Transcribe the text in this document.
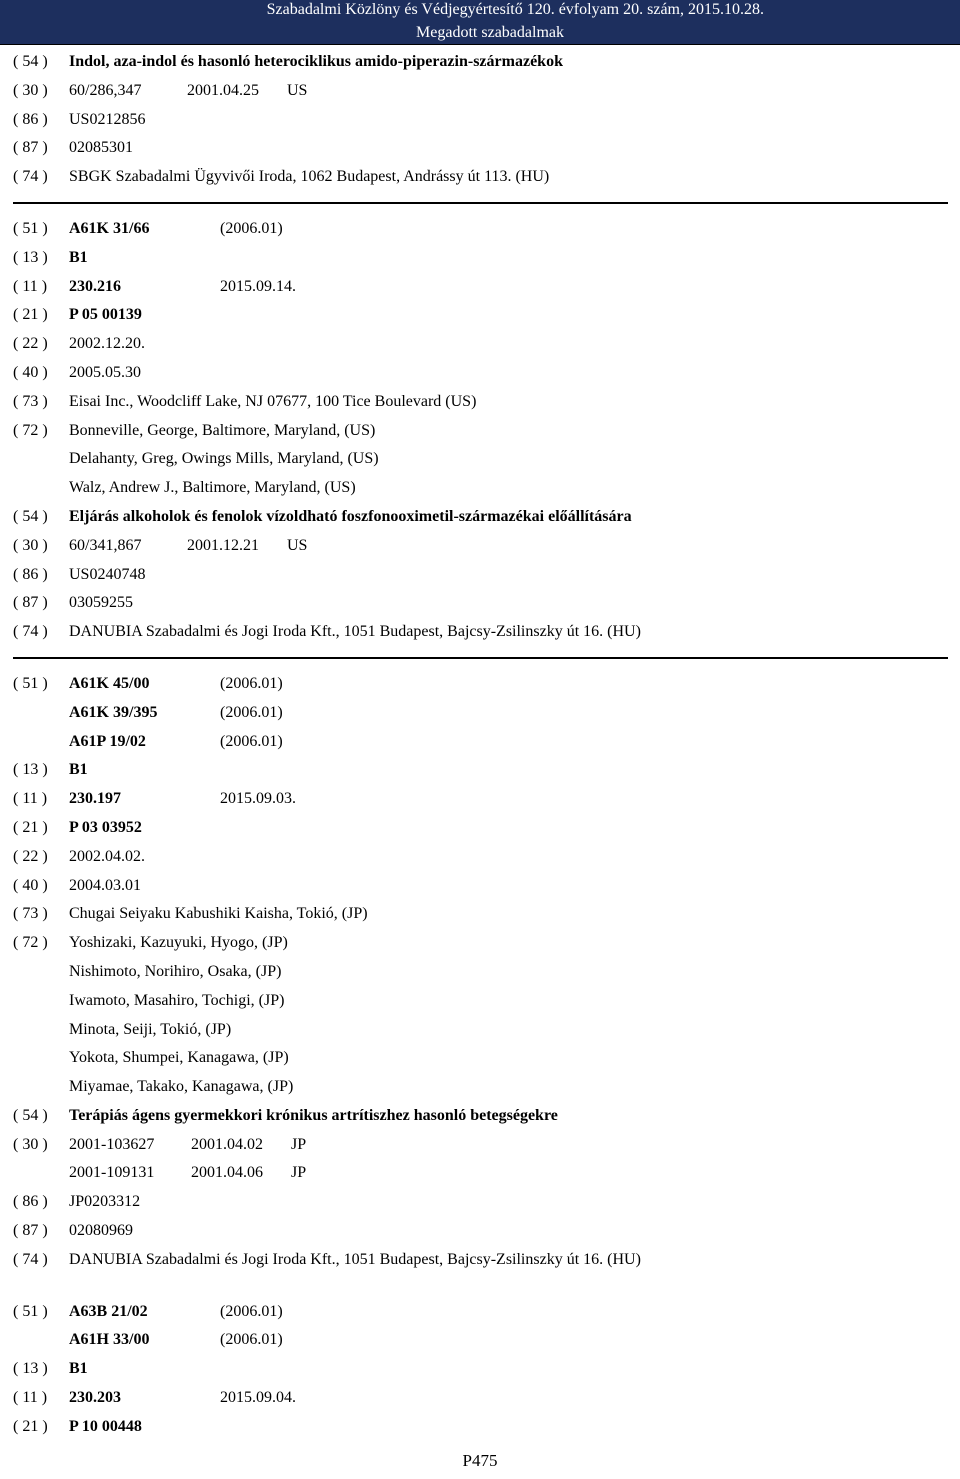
Szabadalmi Közlöny és Védjegyértesítő 120. évfolyam 20. szám, 2015.10.28.
Megadott szabadalmak
( 54 )	Indol, aza-indol és hasonló heterociklikus amido-piperazin-származékok
( 30 )	60/286,347	2001.04.25 US
( 86 )	US0212856
( 87 )	02085301
( 74 )	SBGK Szabadalmi Ügyvivői Iroda, 1062 Budapest, Andrássy út 113. (HU)
( 51 )	A61K 31/66	(2006.01)
( 13 )	B1
( 11 )	230.216	2015.09.14.
( 21 )	P 05 00139
( 22 )	2002.12.20.
( 40 )	2005.05.30
( 73 )	Eisai Inc., Woodcliff Lake, NJ 07677, 100 Tice Boulevard (US)
( 72 )	Bonneville, George, Baltimore, Maryland, (US)
Delahanty, Greg, Owings Mills, Maryland, (US)
Walz, Andrew J., Baltimore, Maryland, (US)
( 54 )	Eljárás alkoholok és fenolok vízoldható foszfonooximetil-származékai előállítására
( 30 )	60/341,867	2001.12.21 US
( 86 )	US0240748
( 87 )	03059255
( 74 )	DANUBIA Szabadalmi és Jogi Iroda Kft., 1051 Budapest, Bajcsy-Zsilinszky út 16. (HU)
( 51 )	A61K 45/00	(2006.01)
A61K 39/395	(2006.01)
A61P 19/02	(2006.01)
( 13 )	B1
( 11 )	230.197	2015.09.03.
( 21 )	P 03 03952
( 22 )	2002.04.02.
( 40 )	2004.03.01
( 73 )	Chugai Seiyaku Kabushiki Kaisha, Tokió, (JP)
( 72 )	Yoshizaki, Kazuyuki, Hyogo, (JP)
Nishimoto, Norihiro, Osaka, (JP)
Iwamoto, Masahiro, Tochigi, (JP)
Minota, Seiji, Tokió, (JP)
Yokota, Shumpei, Kanagawa, (JP)
Miyamae, Takako, Kanagawa, (JP)
( 54 )	Terápiás ágens gyermekkori krónikus artrítiszhez hasonló betegségekre
( 30 )	2001-103627 2001.04.02 JP
2001-109131 2001.04.06 JP
( 86 )	JP0203312
( 87 )	02080969
( 74 )	DANUBIA Szabadalmi és Jogi Iroda Kft., 1051 Budapest, Bajcsy-Zsilinszky út 16. (HU)
( 51 )	A63B 21/02	(2006.01)
A61H 33/00	(2006.01)
( 13 )	B1
( 11 )	230.203	2015.09.04.
( 21 )	P 10 00448
P475
